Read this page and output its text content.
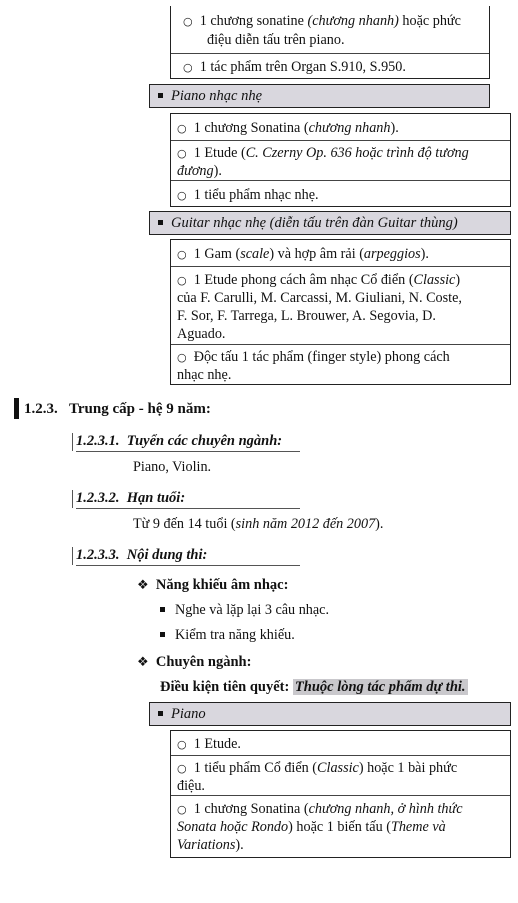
○ 1 chương sonatine (chương nhanh) hoặc phức
điệu diễn tấu trên piano.
○ 1 tác phẩm trên Organ S.910, S.950.
Piano nhạc nhẹ
○ 1 chương Sonatina (chương nhanh).
○ 1 Etude (C. Czerny Op. 636 hoặc trình độ tương
đương).
○ 1 tiểu phẩm nhạc nhẹ.
Guitar nhạc nhẹ (diễn tấu trên đàn Guitar thùng)
○ 1 Gam (scale) và hợp âm rải (arpeggios).
○ 1 Etude phong cách âm nhạc Cổ điển (Classic)
của F. Carulli, M. Carcassi, M. Giuliani, N. Coste,
F. Sor, F. Tarrega, L. Brouwer, A. Segovia, D.
Aguado.
○ Độc tấu 1 tác phẩm (finger style) phong cách
nhạc nhẹ.
1.2.3. Trung cấp - hệ 9 năm:
1.2.3.1. Tuyển các chuyên ngành:
Piano, Violin.
1.2.3.2. Hạn tuổi:
Từ 9 đến 14 tuổi (sinh năm 2012 đến 2007).
1.2.3.3. Nội dung thi:
❖ Năng khiếu âm nhạc:
Nghe và lặp lại 3 câu nhạc.
Kiểm tra năng khiếu.
❖ Chuyên ngành:
Điều kiện tiên quyết: Thuộc lòng tác phẩm dự thi.
Piano
○ 1 Etude.
○ 1 tiểu phẩm Cổ điển (Classic) hoặc 1 bài phức
điệu.
○ 1 chương Sonatina (chương nhanh, ở hình thức
Sonata hoặc Rondo) hoặc 1 biến tấu (Theme và
Variations).
